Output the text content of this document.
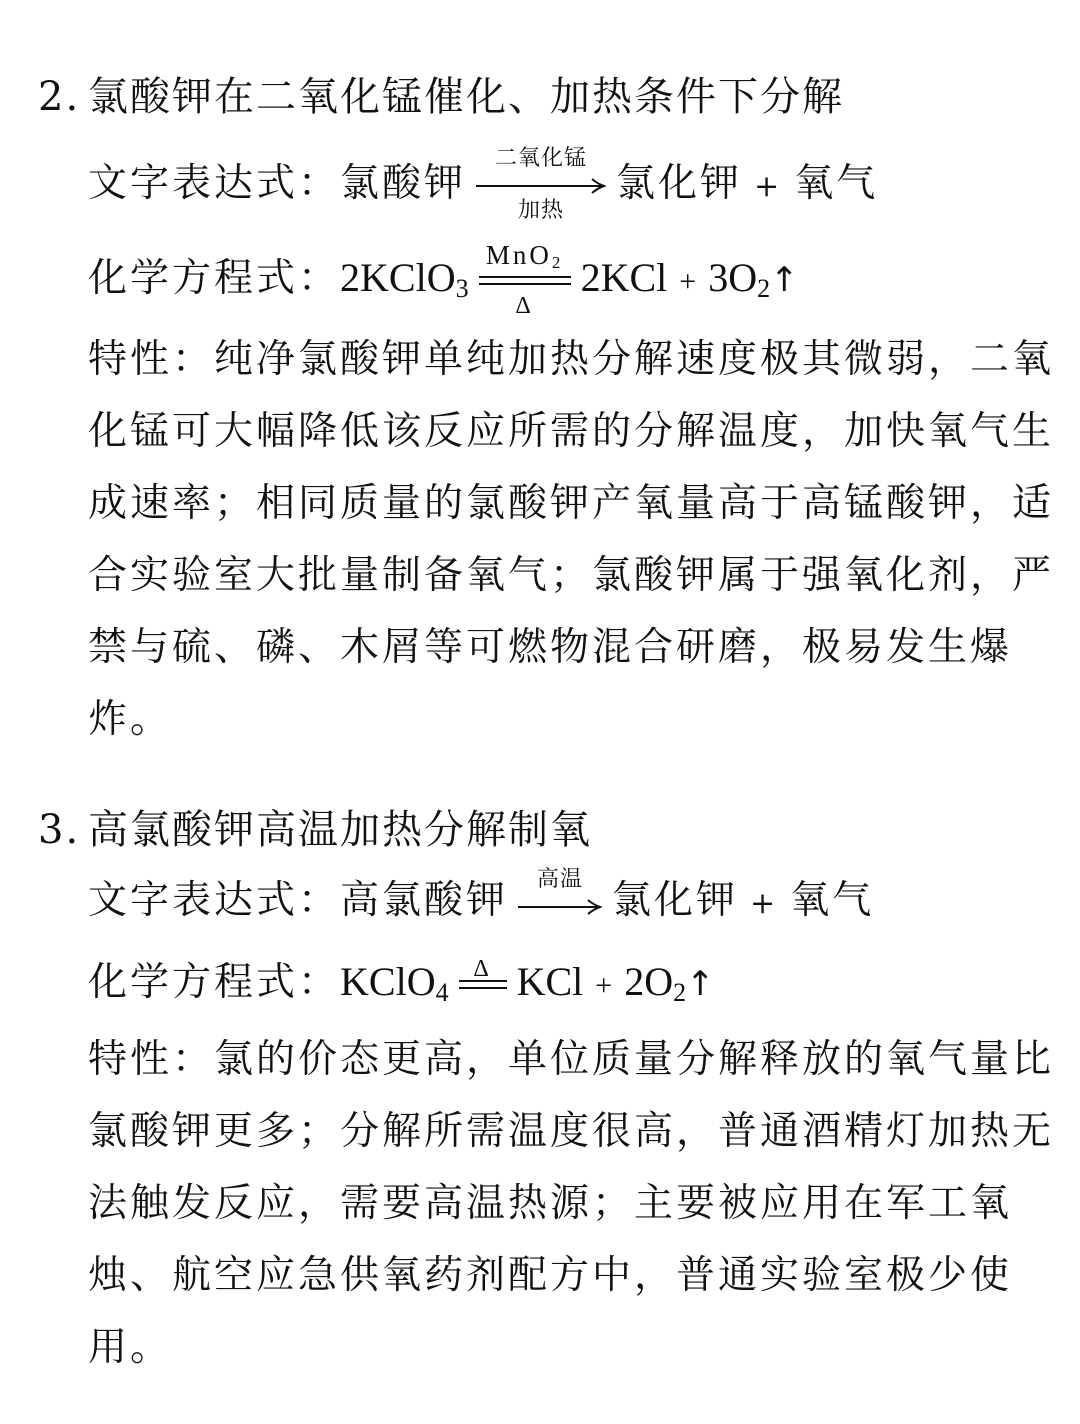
2. 氯酸钾在二氧化锰催化、加热条件下分解
文字表达式：氯酸钾
二氧化锰
加热
氯化钾 + 氧气
化学方程式：2KClO$_3$
MnO$_2$
Δ
$2KCl + 3O_2↑$
特性：纯净氯酸钾单纯加热分解速度极其微弱，二氧化锰可大幅降低该反应所需的分解温度，加快氧气生成速率；相同质量的氯酸钾产氧量高于高锰酸钾，适合实验室大批量制备氧气；氯酸钾属于强氧化剂，严禁与硫、磷、木屑等可燃物混合研磨，极易发生爆炸。
3. 高氯酸钾高温加热分解制氧
文字表达式：高氯酸钾	高温 氯化钾 + 氧气
化学方程式：KClO$_4$
Δ KCl + $2O_2↑$
特性：氯的价态更高，单位质量分解释放的氧气量比氯酸钾更多；分解所需温度很高，普通酒精灯加热无法触发反应，需要高温热源；主要被应用在军工氧烛、航空应急供氧药剂配方中，普通实验室极少使用。
